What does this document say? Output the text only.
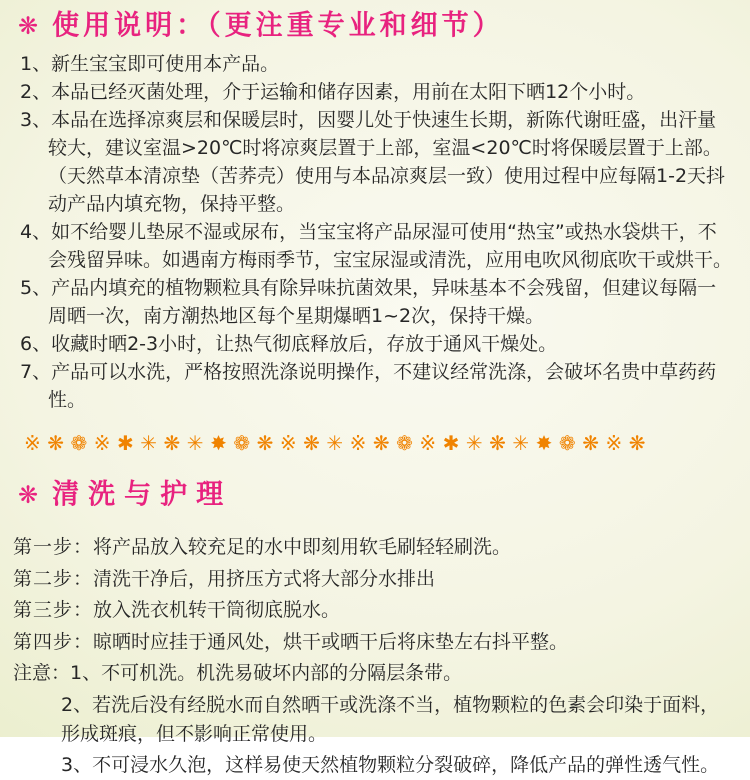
❋ 使用说明：（更注重专业和细节）
1、新生宝宝即可使用本产品。
2、本品已经灭菌处理，介于运输和储存因素，用前在太阳下晒12个小时。
3、本品在选择凉爽层和保暖层时，因婴儿处于快速生长期，新陈代谢旺盛，出汗量较大，建议室温>20℃时将凉爽层置于上部，室温<20℃时将保暖层置于上部。（天然草本清凉垫（苦荞壳）使用与本品凉爽层一致）使用过程中应每隔1-2天抖动产品内填充物，保持平整。
4、如不给婴儿垫尿不湿或尿布，当宝宝将产品尿湿可使用“热宝”或热水袋烘干，不会残留异味。如遇南方梅雨季节，宝宝尿湿或清洗，应用电吹风彻底吹干或烘干。
5、产品内填充的植物颗粒具有除异味抗菌效果，异味基本不会残留，但建议每隔一周晒一次，南方潮热地区每个星期爆晒1~2次，保持干燥。
6、收藏时晒2-3小时，让热气彻底释放后，存放于通风干燥处。
7、产品可以水洗，严格按照洗涤说明操作，不建议经常洗涤，会破坏名贵中草药药性。
※❋❁※✱✳❋✳✸❁❋※❋✳※❋❁※✱✳❋✳✸❁❋※❋
❋ 清洗与护理
第一步：将产品放入较充足的水中即刻用软毛刷轻轻刷洗。
第二步：清洗干净后，用挤压方式将大部分水排出
第三步：放入洗衣机转干筒彻底脱水。
第四步：晾晒时应挂于通风处，烘干或晒干后将床垫左右抖平整。
注意：1、不可机洗。机洗易破坏内部的分隔层条带。
2、若洗后没有经脱水而自然晒干或洗涤不当，植物颗粒的色素会印染于面料，形成斑痕，但不影响正常使用。
3、不可浸水久泡，这样易使天然植物颗粒分裂破碎，降低产品的弹性透气性。
